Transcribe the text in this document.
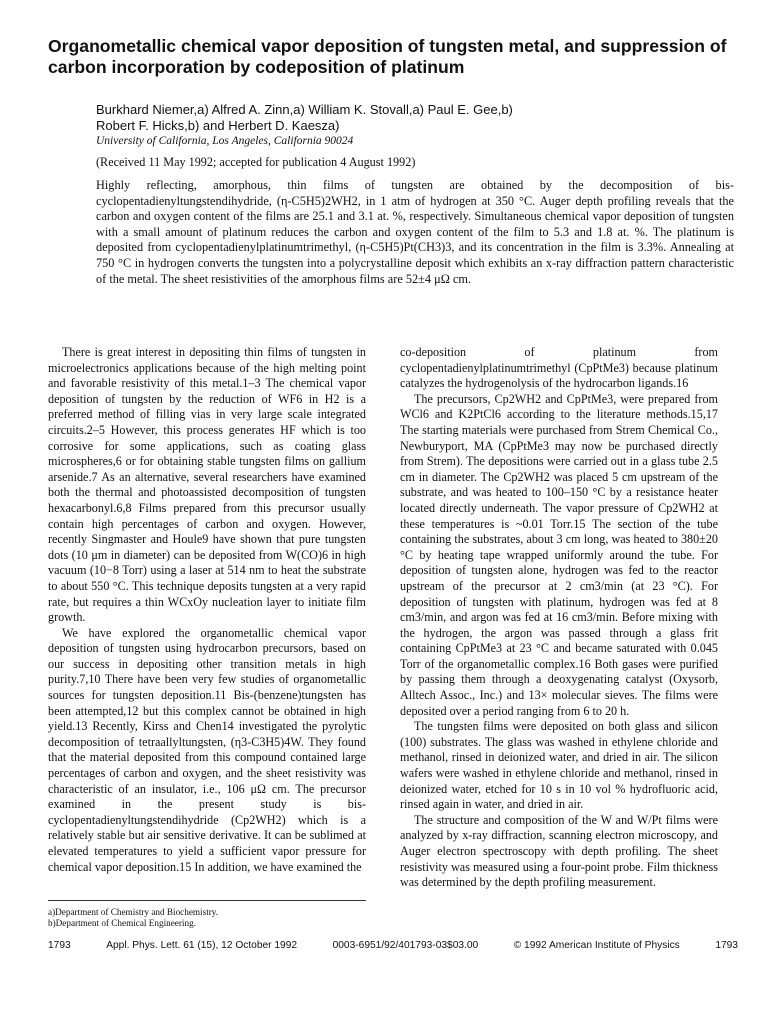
Organometallic chemical vapor deposition of tungsten metal, and suppression of carbon incorporation by codeposition of platinum
Burkhard Niemer,a) Alfred A. Zinn,a) William K. Stovall,a) Paul E. Gee,b)
Robert F. Hicks,b) and Herbert D. Kaesza)
University of California, Los Angeles, California 90024
(Received 11 May 1992; accepted for publication 4 August 1992)

Highly reflecting, amorphous, thin films of tungsten are obtained by the decomposition of bis-cyclopentadienyltungstendihydride, (η-C5H5)2WH2, in 1 atm of hydrogen at 350 °C. Auger depth profiling reveals that the carbon and oxygen content of the films are 25.1 and 3.1 at. %, respectively. Simultaneous chemical vapor deposition of tungsten with a small amount of platinum reduces the carbon and oxygen content of the film to 5.3 and 1.8 at. %. The platinum is deposited from cyclopentadienylplatinumtrimethyl, (η-C5H5)Pt(CH3)3, and its concentration in the film is 3.3%. Annealing at 750 °C in hydrogen converts the tungsten into a polycrystalline deposit which exhibits an x-ray diffraction pattern characteristic of the metal. The sheet resistivities of the amorphous films are 52±4 μΩ cm.

There is great interest in depositing thin films of tungsten in microelectronics applications because of the high melting point and favorable resistivity of this metal.1–3 The chemical vapor deposition of tungsten by the reduction of WF6 in H2 is a preferred method of filling vias in very large scale integrated circuits.2–5 However, this process generates HF which is too corrosive for some applications, such as coating glass microspheres,6 or for obtaining stable tungsten films on gallium arsenide.7 As an alternative, several researchers have examined both the thermal and photoassisted decomposition of tungsten hexacarbonyl.6,8 Films prepared from this precursor usually contain high percentages of carbon and oxygen. However, recently Singmaster and Houle9 have shown that pure tungsten dots (10 μm in diameter) can be deposited from W(CO)6 in high vacuum (10−8 Torr) using a laser at 514 nm to heat the substrate to about 550 °C. This technique deposits tungsten at a very rapid rate, but requires a thin WCxOy nucleation layer to initiate film growth.

We have explored the organometallic chemical vapor deposition of tungsten using hydrocarbon precursors, based on our success in depositing other transition metals in high purity.7,10 There have been very few studies of organometallic sources for tungsten deposition.11 Bis-(benzene)tungsten has been attempted,12 but this complex cannot be obtained in high yield.13 Recently, Kirss and Chen14 investigated the pyrolytic decomposition of tetraallyltungsten, (η3-C3H5)4W. They found that the material deposited from this compound contained large percentages of carbon and oxygen, and the sheet resistivity was characteristic of an insulator, i.e., 106 μΩ cm. The precursor examined in the present study is bis-cyclopentadienyltungstendihydride (Cp2WH2) which is a relatively stable but air sensitive derivative. It can be sublimed at elevated temperatures to yield a sufficient vapor pressure for chemical vapor deposition.15 In addition, we have examined the

co-deposition of platinum from cyclopentadienylplatinumtrimethyl (CpPtMe3) because platinum catalyzes the hydrogenolysis of the hydrocarbon ligands.16

The precursors, Cp2WH2 and CpPtMe3, were prepared from WCl6 and K2PtCl6 according to the literature methods.15,17 The starting materials were purchased from Strem Chemical Co., Newburyport, MA (CpPtMe3 may now be purchased directly from Strem). The depositions were carried out in a glass tube 2.5 cm in diameter. The Cp2WH2 was placed 5 cm upstream of the substrate, and was heated to 100–150 °C by a resistance heater located directly underneath. The vapor pressure of Cp2WH2 at these temperatures is ~0.01 Torr.15 The section of the tube containing the substrates, about 3 cm long, was heated to 380±20 °C by heating tape wrapped uniformly around the tube. For deposition of tungsten alone, hydrogen was fed to the reactor upstream of the precursor at 2 cm3/min (at 23 °C). For deposition of tungsten with platinum, hydrogen was fed at 8 cm3/min, and argon was fed at 16 cm3/min. Before mixing with the hydrogen, the argon was passed through a glass frit containing CpPtMe3 at 23 °C and became saturated with 0.045 Torr of the organometallic complex.16 Both gases were purified by passing them through a deoxygenating catalyst (Oxysorb, Alltech Assoc., Inc.) and 13× molecular sieves. The films were deposited over a period ranging from 6 to 20 h.

The tungsten films were deposited on both glass and silicon (100) substrates. The glass was washed in ethylene chloride and methanol, rinsed in deionized water, and dried in air. The silicon wafers were washed in ethylene chloride and methanol, rinsed in deionized water, etched for 10 s in 10 vol % hydrofluoric acid, rinsed again in water, and dried in air.

The structure and composition of the W and W/Pt films were analyzed by x-ray diffraction, scanning electron microscopy, and Auger electron spectroscopy with depth profiling. The sheet resistivity was measured using a four-point probe. Film thickness was determined by the depth profiling measurement.

a)Department of Chemistry and Biochemistry.
b)Department of Chemical Engineering.
1793	Appl. Phys. Lett. 61 (15), 12 October 1992	0003-6951/92/401793-03$03.00	© 1992 American Institute of Physics	1793
